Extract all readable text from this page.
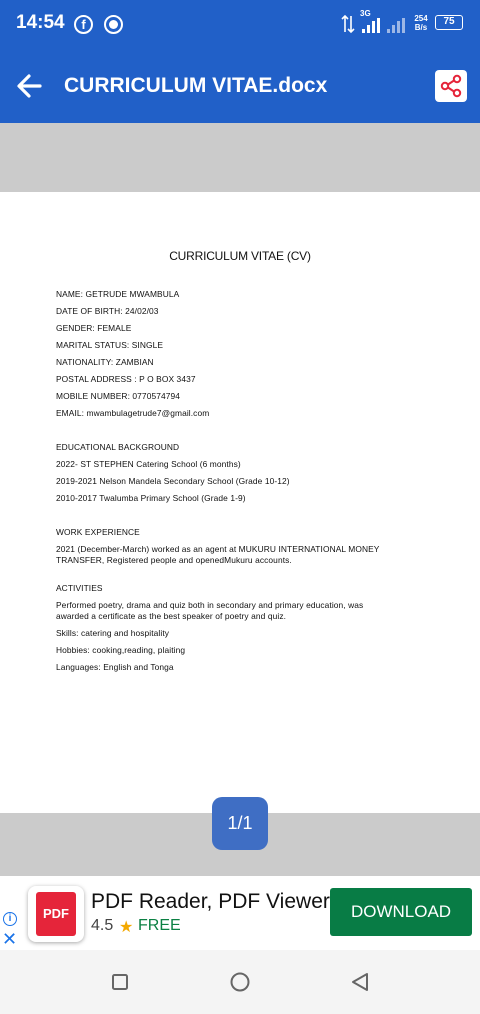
14:54	f
3G
254
B/s
75
CURRICULUM VITAE.docx
CURRICULUM VITAE (CV)
NAME: GETRUDE MWAMBULA
DATE OF BIRTH: 24/02/03
GENDER: FEMALE
MARITAL STATUS: SINGLE
NATIONALITY: ZAMBIAN
POSTAL ADDRESS : P O BOX 3437
MOBILE NUMBER: 0770574794
EMAIL: mwambulagetrude7@gmail.com
EDUCATIONAL BACKGROUND
2022- ST STEPHEN Catering School (6 months)
2019-2021 Nelson Mandela Secondary School (Grade 10-12)
2010-2017 Twalumba Primary School (Grade 1-9)
WORK EXPERIENCE
2021 (December-March) worked as an agent at MUKURU INTERNATIONAL MONEY
TRANSFER, Registered people and openedMukuru accounts.
ACTIVITIES
Performed poetry, drama and quiz both in secondary and primary education, was
awarded a certificate as the best speaker of poetry and quiz.
Skills: catering and hospitality
Hobbies: cooking,reading, plaiting
Languages: English and Tonga
1/1
i
✕
PDF
PDF Reader, PDF Viewer
4.5 ★ FREE
DOWNLOAD
